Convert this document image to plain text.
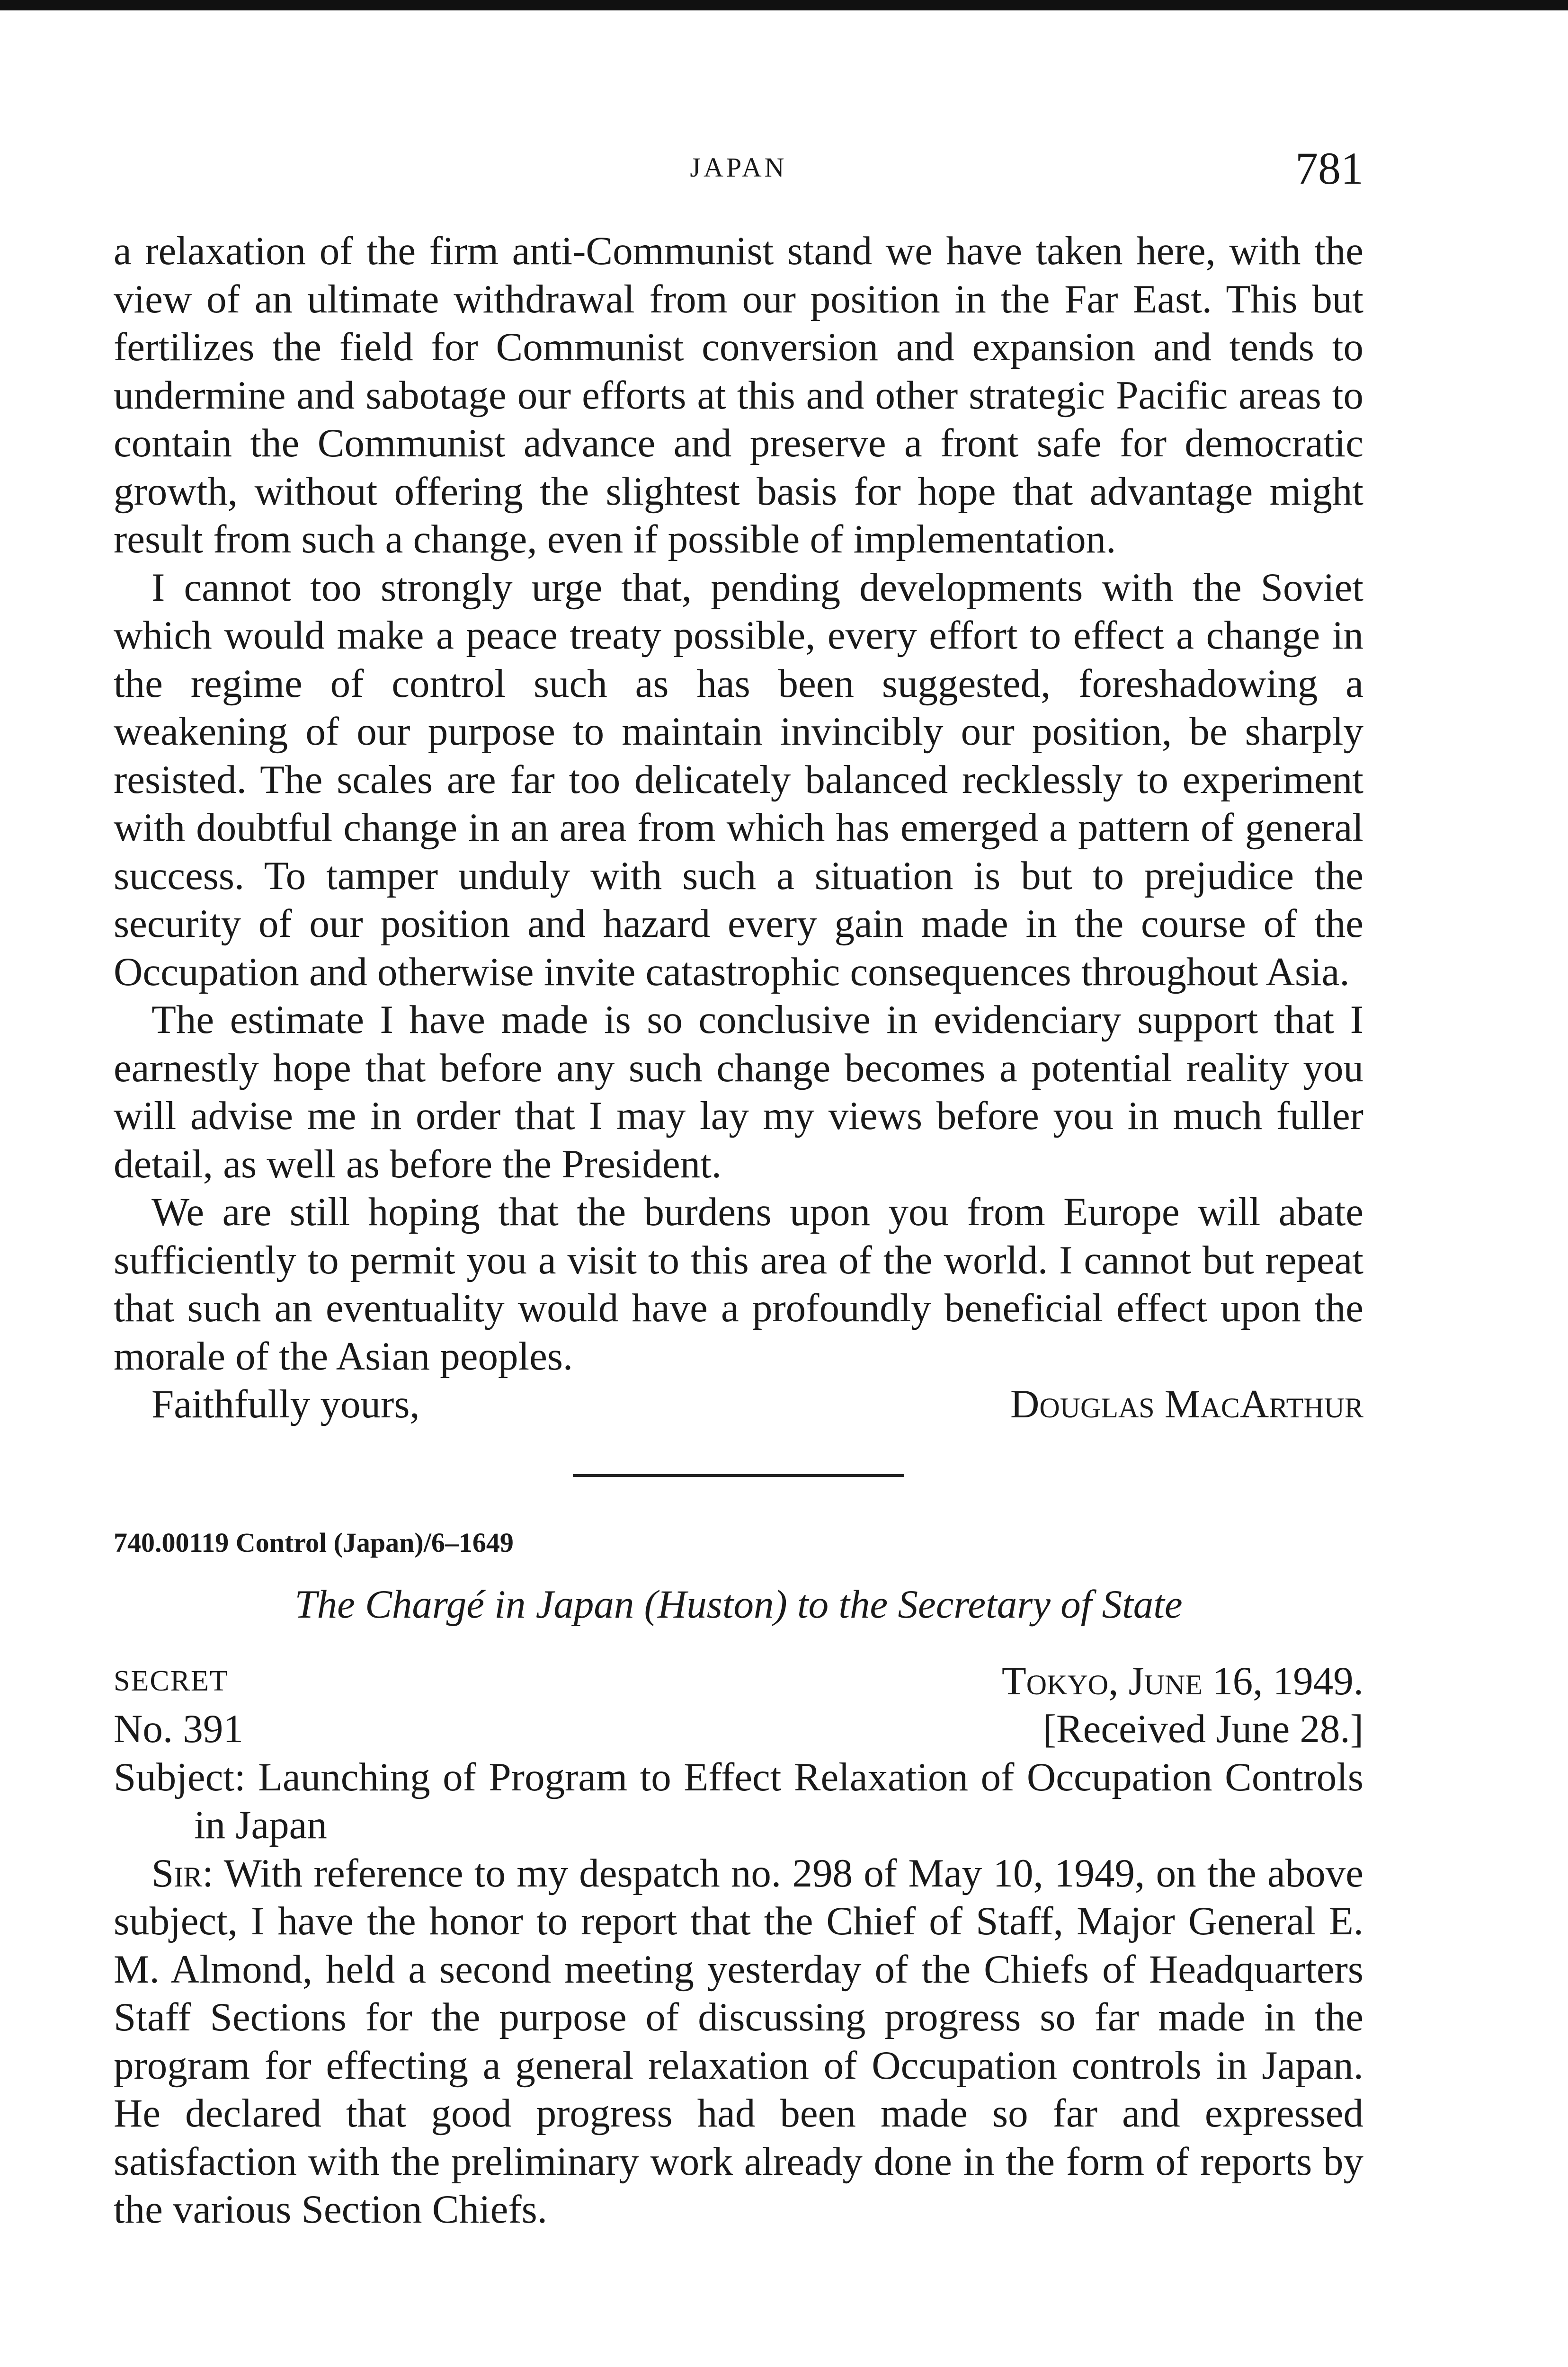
JAPAN	781

a relaxation of the firm anti-Communist stand we have taken here, with the view of an ultimate withdrawal from our position in the Far East. This but fertilizes the field for Communist conversion and expansion and tends to undermine and sabotage our efforts at this and other strategic Pacific areas to contain the Communist advance and preserve a front safe for democratic growth, without offering the slightest basis for hope that advantage might result from such a change, even if possible of implementation.

I cannot too strongly urge that, pending developments with the Soviet which would make a peace treaty possible, every effort to effect a change in the regime of control such as has been suggested, foreshadowing a weakening of our purpose to maintain invincibly our position, be sharply resisted. The scales are far too delicately balanced recklessly to experiment with doubtful change in an area from which has emerged a pattern of general success. To tamper unduly with such a situation is but to prejudice the security of our position and hazard every gain made in the course of the Occupation and otherwise invite catastrophic consequences throughout Asia.

The estimate I have made is so conclusive in evidenciary support that I earnestly hope that before any such change becomes a potential reality you will advise me in order that I may lay my views before you in much fuller detail, as well as before the President.

We are still hoping that the burdens upon you from Europe will abate sufficiently to permit you a visit to this area of the world. I cannot but repeat that such an eventuality would have a profoundly beneficial effect upon the morale of the Asian peoples.

Faithfully yours,	Douglas MacArthur
740.00119 Control (Japan)/6–1649
The Chargé in Japan (Huston) to the Secretary of State
SECRET	Tokyo, June 16, 1949.
No. 391	[Received June 28.]

Subject: Launching of Program to Effect Relaxation of Occupation Controls in Japan

Sir: With reference to my despatch no. 298 of May 10, 1949, on the above subject, I have the honor to report that the Chief of Staff, Major General E. M. Almond, held a second meeting yesterday of the Chiefs of Headquarters Staff Sections for the purpose of discussing progress so far made in the program for effecting a general relaxation of Occupation controls in Japan. He declared that good progress had been made so far and expressed satisfaction with the preliminary work already done in the form of reports by the various Section Chiefs.
